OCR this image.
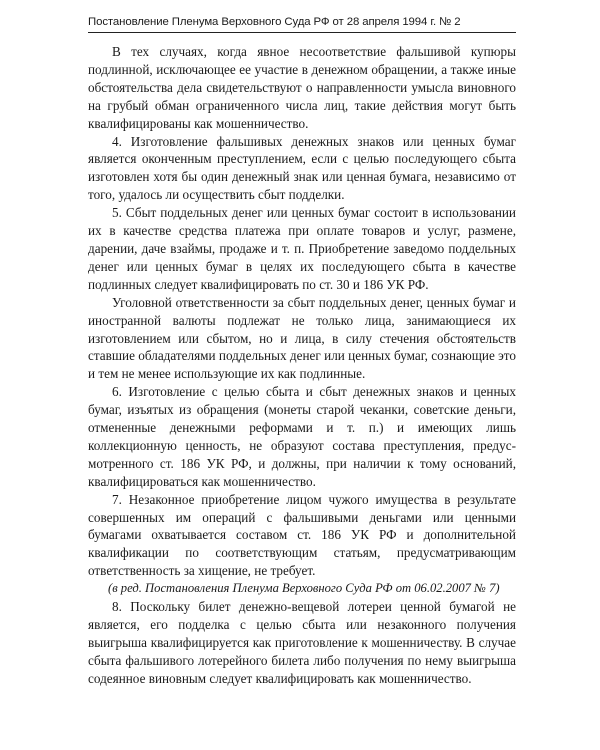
Постановление Пленума Верховного Суда РФ от 28 апреля 1994 г. № 2

В тех случаях, когда явное несоответствие фальшивой купюры подлинной, исключающее ее участие в денежном обращении, а также иные обстоятельства дела свидетельствуют о направленности умысла виновного на грубый обман ограниченного числа лиц, такие действия могут быть квалифицированы как мошенничество.

4. Изготовление фальшивых денежных знаков или ценных бумаг является оконченным преступлением, если с целью последующего сбыта изготовлен хотя бы один денежный знак или ценная бумага, независимо от того, удалось ли осуществить сбыт подделки.

5. Сбыт поддельных денег или ценных бумаг состоит в использовании их в качестве средства платежа при оплате товаров и услуг, размене, дарении, даче взаймы, продаже и т. п. Приобретение заведомо поддельных денег или ценных бумаг в целях их последующего сбыта в качестве подлинных следует квалифицировать по ст. 30 и 186 УК РФ.

Уголовной ответственности за сбыт поддельных денег, ценных бумаг и иностранной валюты подлежат не только лица, занимающиеся их изготовлением или сбытом, но и лица, в силу стечения обстоятельств ставшие обладателями поддельных денег или ценных бумаг, сознающие это и тем не менее использующие их как подлинные.

6. Изготовление с целью сбыта и сбыт денежных знаков и ценных бумаг, изъятых из обращения (монеты старой чеканки, советские деньги, отмененные денежными реформами и т. п.) и имеющих лишь коллекционную ценность, не образуют состава преступления, предусмотренного ст. 186 УК РФ, и должны, при наличии к тому оснований, квалифицироваться как мошенничество.

7. Незаконное приобретение лицом чужого имущества в результате совершенных им операций с фальшивыми деньгами или ценными бумагами охватывается составом ст. 186 УК РФ и дополнительной квалификации по соответствующим статьям, предусматривающим ответственность за хищение, не требует.

(в ред. Постановления Пленума Верховного Суда РФ от 06.02.2007 № 7)

8. Поскольку билет денежно-вещевой лотереи ценной бумагой не является, его подделка с целью сбыта или незаконного получения выигрыша квалифицируется как приготовление к мошенничеству. В случае сбыта фальшивого лотерейного билета либо получения по нему выигрыша содеянное виновным следует квалифицировать как мошенничество.
